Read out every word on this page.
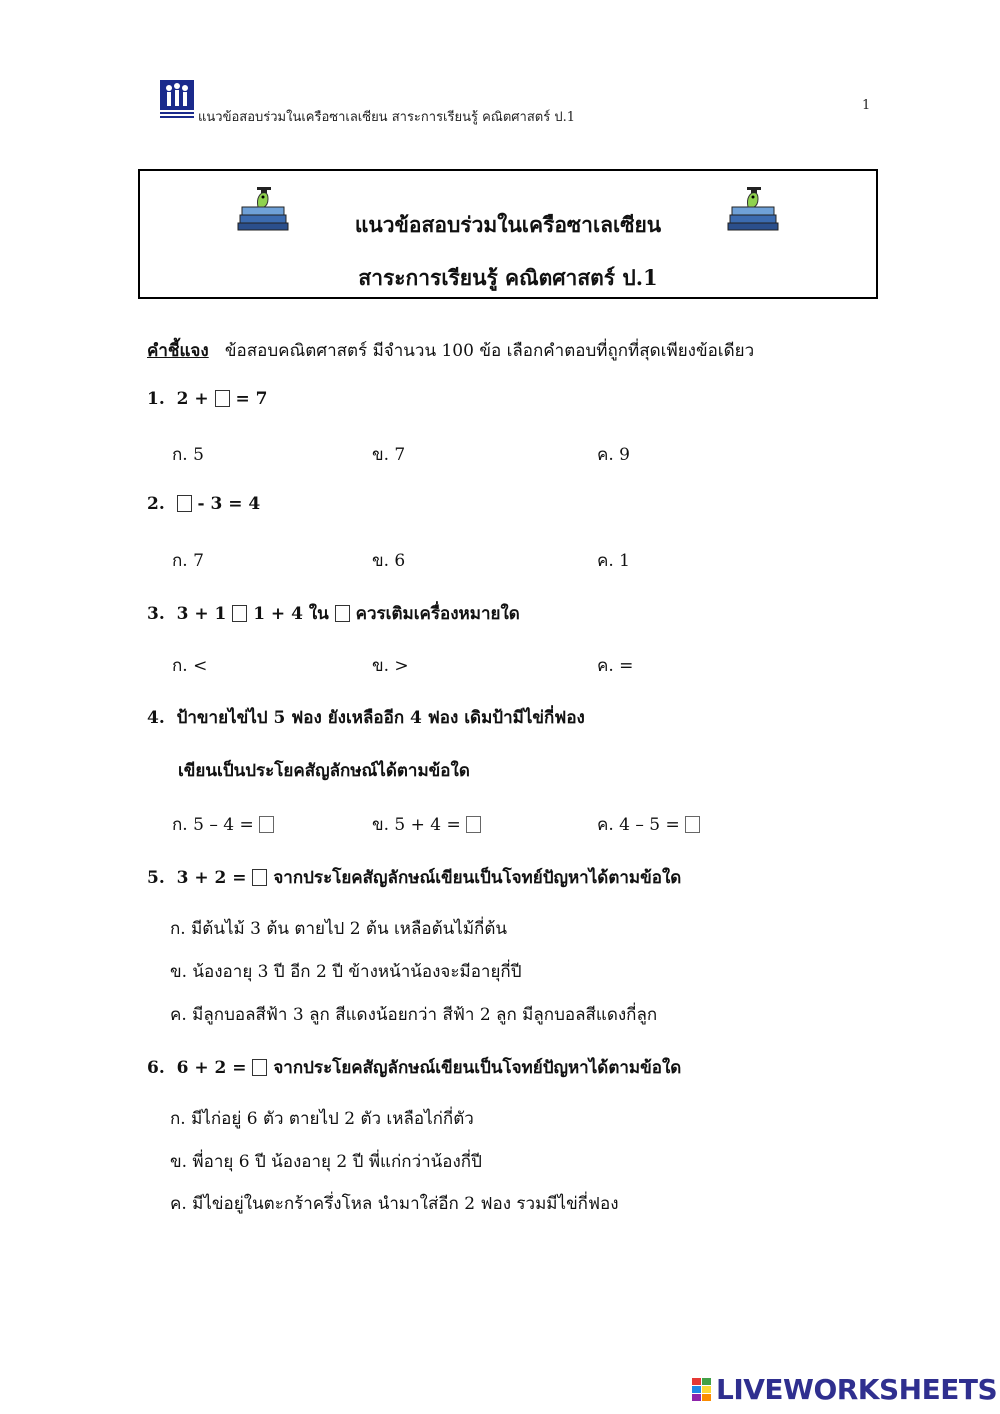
แนวข้อสอบร่วมในเครือซาเลเซียน สาระการเรียนรู้ คณิตศาสตร์ ป.1
1
แนวข้อสอบร่วมในเครือซาเลเซียน
สาระการเรียนรู้ คณิตศาสตร์ ป.1
คำชี้แจง ข้อสอบคณิตศาสตร์ มีจำนวน 100 ข้อ เลือกคำตอบที่ถูกที่สุดเพียงข้อเดียว
1. 2 + = 7
ก. 5	ข. 7	ค. 9
2. - 3 = 4
ก. 7	ข. 6	ค. 1
3. 3 + 1 1 + 4 ใน ควรเติมเครื่องหมายใด
ก. <	ข. >	ค. =
4. ป้าขายไข่ไป 5 ฟอง ยังเหลืออีก 4 ฟอง เดิมป้ามีไข่กี่ฟอง
เขียนเป็นประโยคสัญลักษณ์ได้ตามข้อใด
ก. 5 – 4 =	ข. 5 + 4 =	ค. 4 – 5 =
5. 3 + 2 = จากประโยคสัญลักษณ์เขียนเป็นโจทย์ปัญหาได้ตามข้อใด
ก. มีต้นไม้ 3 ต้น ตายไป 2 ต้น เหลือต้นไม้กี่ต้น
ข. น้องอายุ 3 ปี อีก 2 ปี ข้างหน้าน้องจะมีอายุกี่ปี
ค. มีลูกบอลสีฟ้า 3 ลูก สีแดงน้อยกว่า สีฟ้า 2 ลูก มีลูกบอลสีแดงกี่ลูก
6. 6 + 2 = จากประโยคสัญลักษณ์เขียนเป็นโจทย์ปัญหาได้ตามข้อใด
ก. มีไก่อยู่ 6 ตัว ตายไป 2 ตัว เหลือไก่กี่ตัว
ข. พี่อายุ 6 ปี น้องอายุ 2 ปี พี่แก่กว่าน้องกี่ปี
ค. มีไข่อยู่ในตะกร้าครึ่งโหล นำมาใส่อีก 2 ฟอง รวมมีไข่กี่ฟอง
LIVEWORKSHEETS
